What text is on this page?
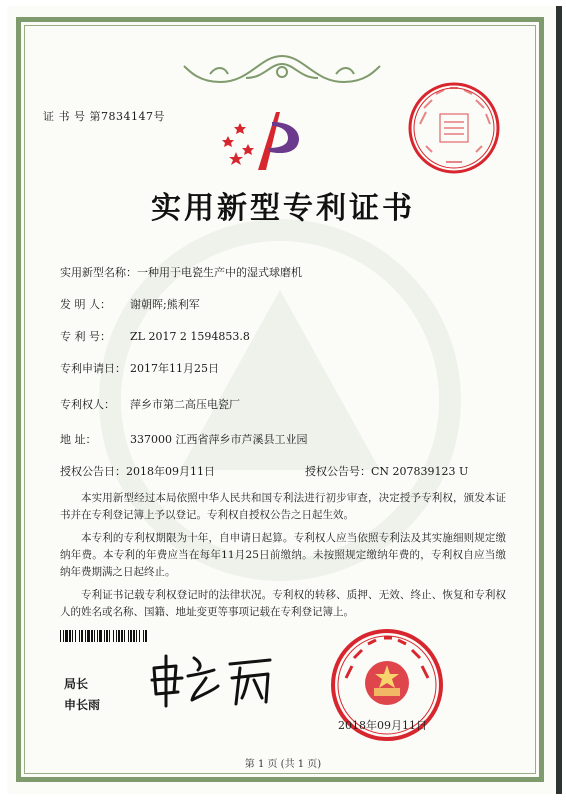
证 书 号 第7834147号
实用新型专利证书
实用新型名称：一种用于电瓷生产中的湿式球磨机
发 明 人： 谢朝晖;熊利军
专 利 号： ZL 2017 2 1594853.8
专利申请日： 2017年11月25日
专利权人： 萍乡市第二高压电瓷厂
地 址：	337000 江西省萍乡市芦溪县工业园
授权公告日：2018年09月11日	授权公告号：CN 207839123 U

本实用新型经过本局依照中华人民共和国专利法进行初步审查，决定授予专利权，颁发本证书并在专利登记簿上予以登记。专利权自授权公告之日起生效。

本专利的专利权期限为十年，自申请日起算。专利权人应当依照专利法及其实施细则规定缴纳年费。本专利的年费应当在每年11月25日前缴纳。未按照规定缴纳年费的，专利权自应当缴纳年费期满之日起终止。

专利证书记载专利权登记时的法律状况。专利权的转移、质押、无效、终止、恢复和专利权人的姓名或名称、国籍、地址变更等事项记载在专利登记簿上。

局长
申长雨
2018年09月11日
第 1 页 (共 1 页)
